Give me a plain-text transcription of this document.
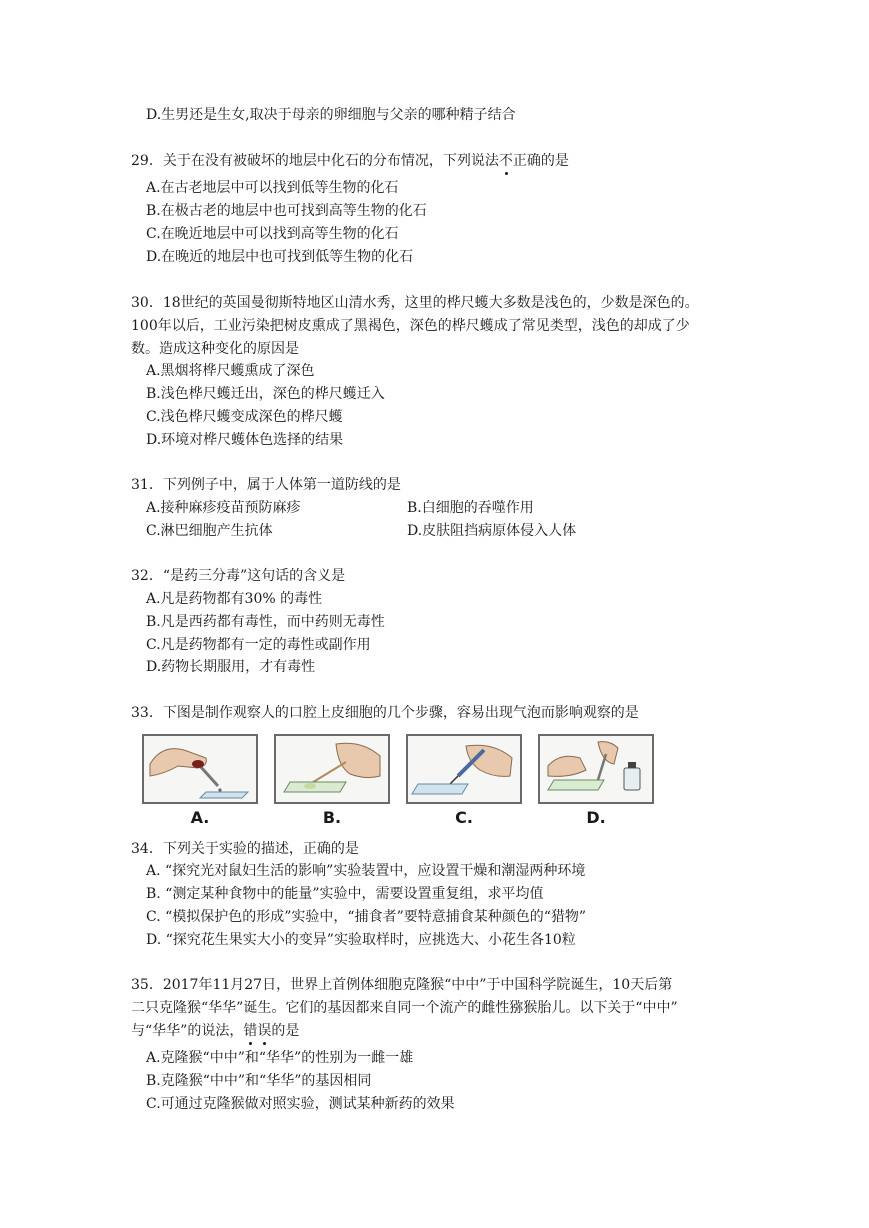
D.生男还是生女,取决于母亲的卵细胞与父亲的哪种精子结合
29．关于在没有被破坏的地层中化石的分布情况，下列说法不正确的是
A.在古老地层中可以找到低等生物的化石
B.在极古老的地层中也可找到高等生物的化石
C.在晚近地层中可以找到高等生物的化石
D.在晚近的地层中也可找到低等生物的化石
30．18世纪的英国曼彻斯特地区山清水秀，这里的桦尺蠖大多数是浅色的，少数是深色的。
100年以后，工业污染把树皮熏成了黑褐色，深色的桦尺蠖成了常见类型，浅色的却成了少
数。造成这种变化的原因是
A.黑烟将桦尺蠖熏成了深色
B.浅色桦尺蠖迁出，深色的桦尺蠖迁入
C.浅色桦尺蠖变成深色的桦尺蠖
D.环境对桦尺蠖体色选择的结果
31．下列例子中，属于人体第一道防线的是
A.接种麻疹疫苗预防麻疹	B.白细胞的吞噬作用
C.淋巴细胞产生抗体	D.皮肤阻挡病原体侵入人体
32．“是药三分毒”这句话的含义是
A.凡是药物都有30% 的毒性
B.凡是西药都有毒性，而中药则无毒性
C.凡是药物都有一定的毒性或副作用
D.药物长期服用，才有毒性
33．下图是制作观察人的口腔上皮细胞的几个步骤，容易出现气泡而影响观察的是
A.	B.	C.	D.
34．下列关于实验的描述，正确的是
A. “探究光对鼠妇生活的影响”实验装置中，应设置干燥和潮湿两种环境
B. “测定某种食物中的能量”实验中，需要设置重复组，求平均值
C. “模拟保护色的形成”实验中，“捕食者”要特意捕食某种颜色的“猎物”
D. “探究花生果实大小的变异”实验取样时，应挑选大、小花生各10粒
35．2017年11月27日，世界上首例体细胞克隆猴“中中”于中国科学院诞生，10天后第
二只克隆猴“华华”诞生。它们的基因都来自同一个流产的雌性猕猴胎儿。以下关于“中中”
与“华华”的说法，错误的是
A.克隆猴“中中”和“华华”的性别为一雌一雄
B.克隆猴“中中”和“华华”的基因相同
C.可通过克隆猴做对照实验，测试某种新药的效果
